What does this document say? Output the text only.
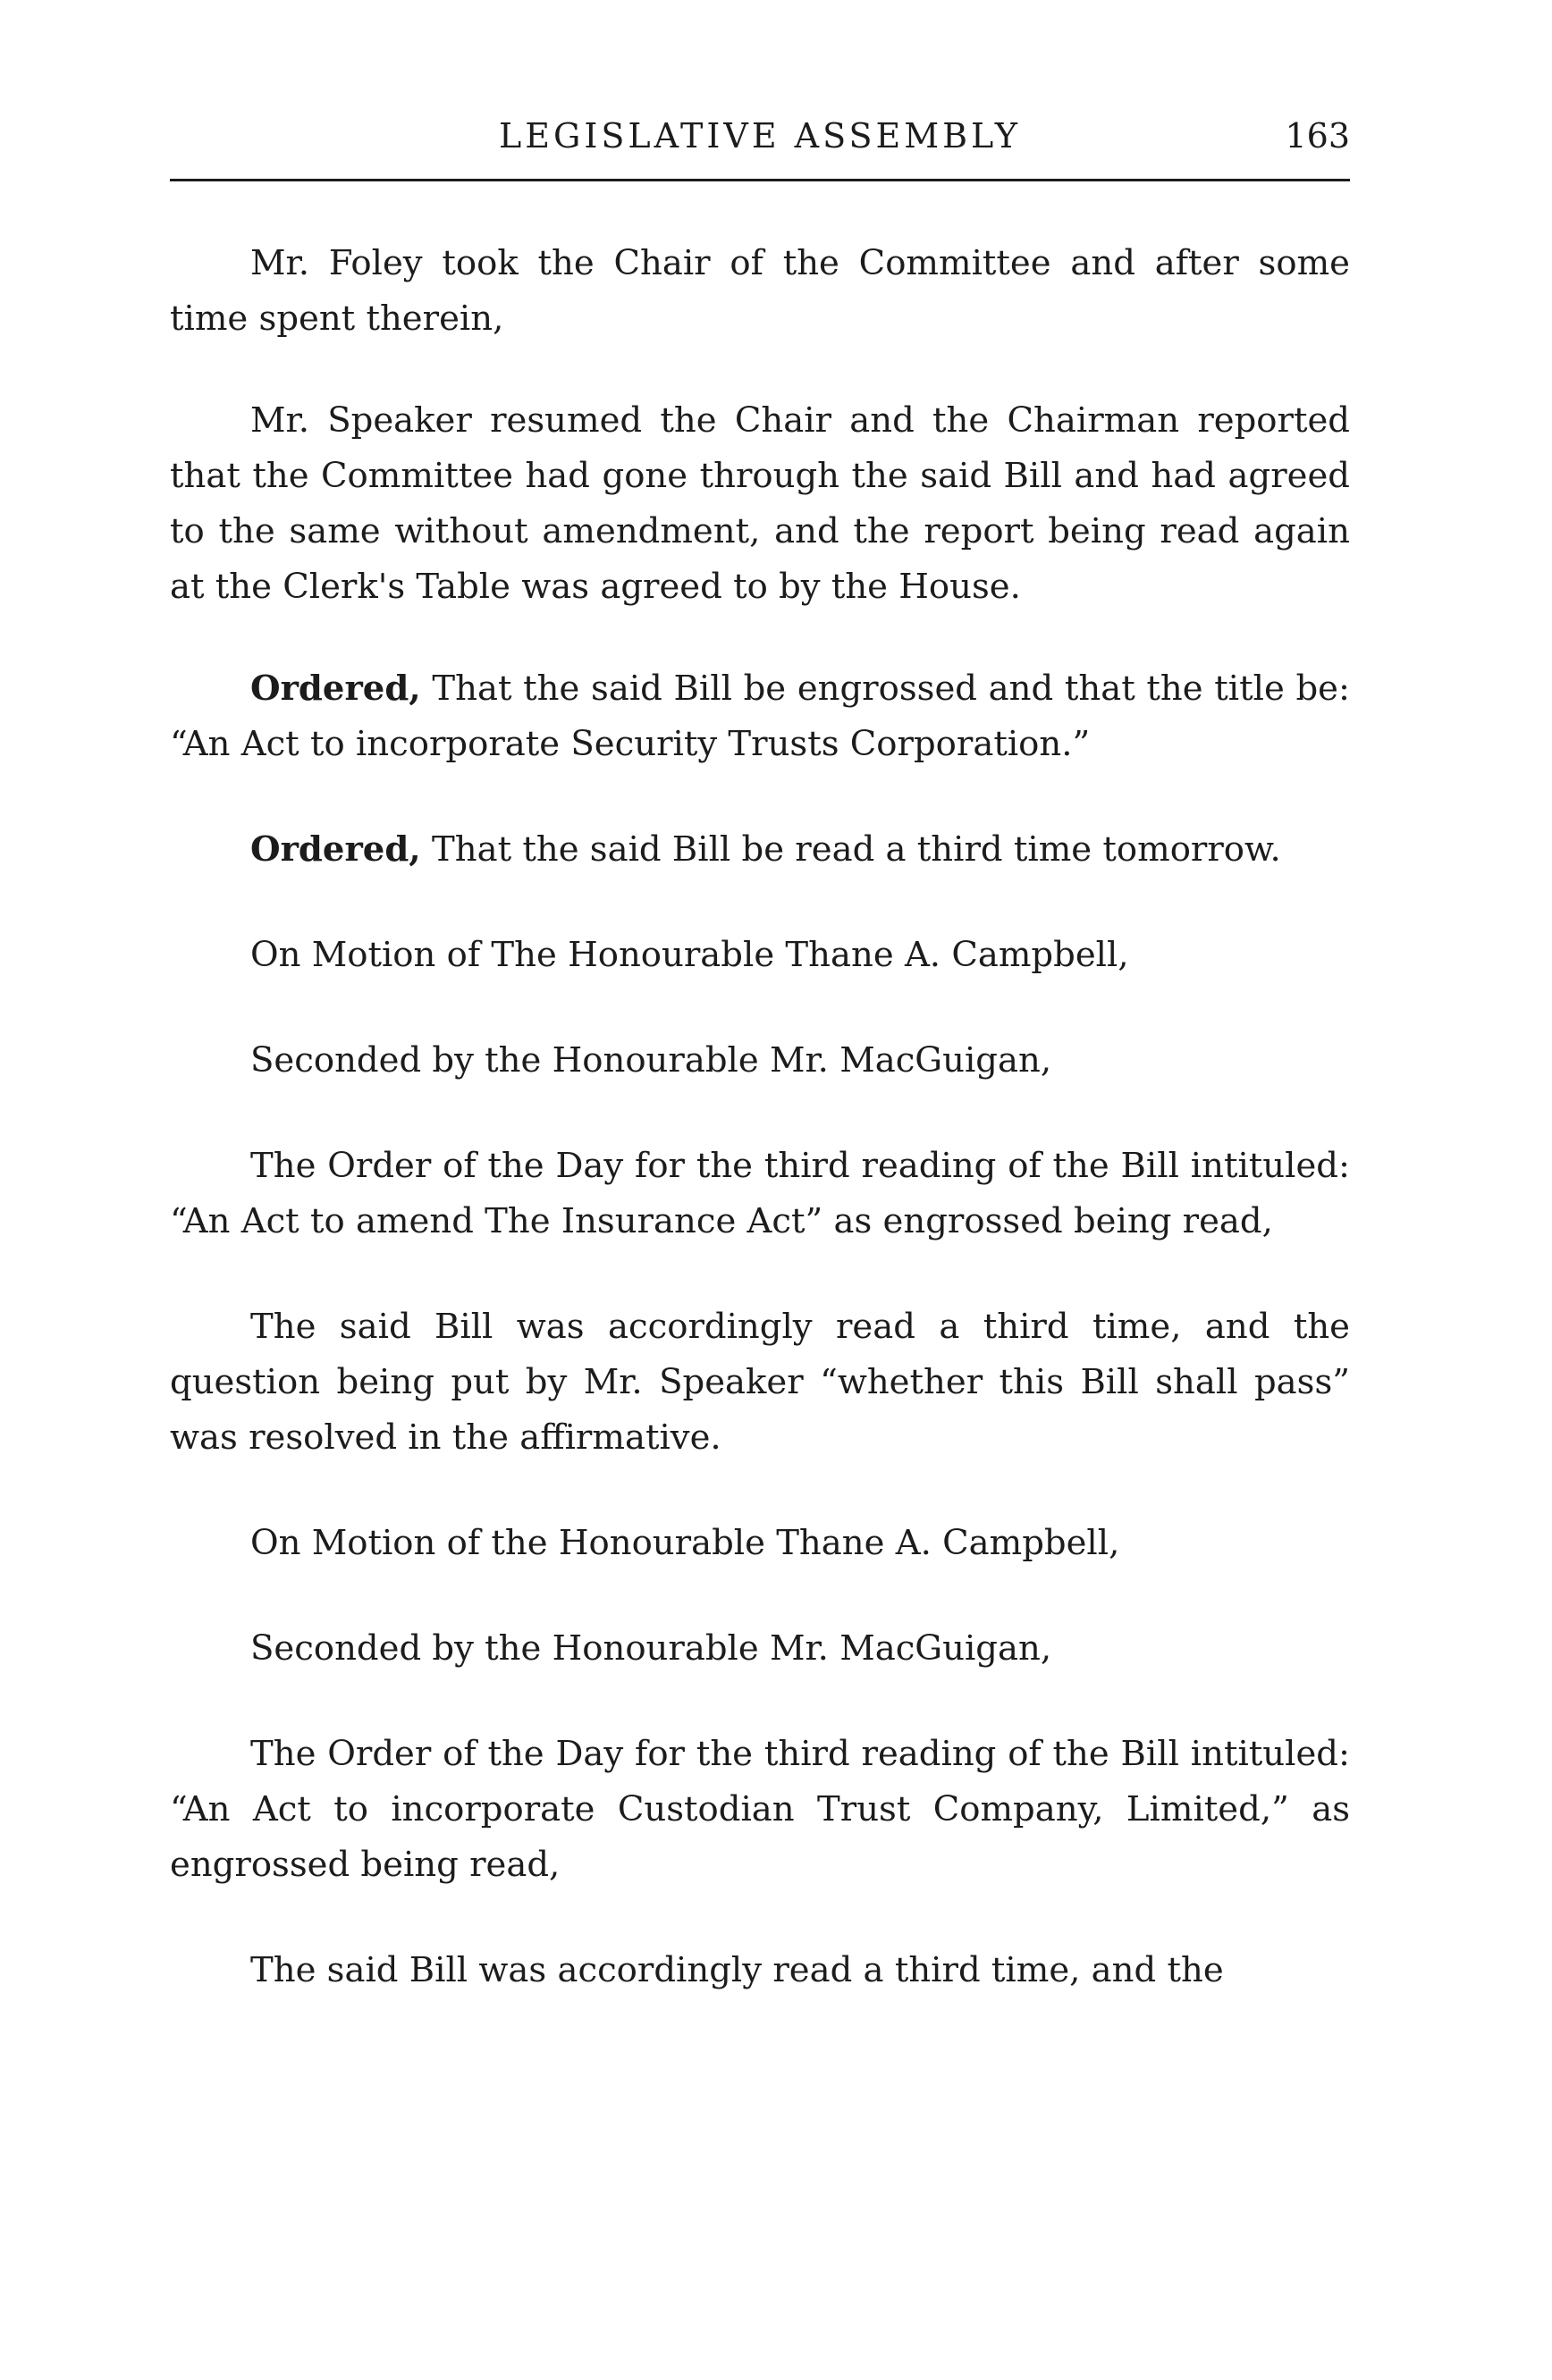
LEGISLATIVE ASSEMBLY	163

Mr. Foley took the Chair of the Committee and after some time spent therein,

Mr. Speaker resumed the Chair and the Chairman reported that the Committee had gone through the said Bill and had agreed to the same without amendment, and the report being read again at the Clerk's Table was agreed to by the House.

Ordered, That the said Bill be engrossed and that the title be: “An Act to incorporate Security Trusts Corporation.”

Ordered, That the said Bill be read a third time tomorrow.

On Motion of The Honourable Thane A. Campbell,

Seconded by the Honourable Mr. MacGuigan,

The Order of the Day for the third reading of the Bill intituled: “An Act to amend The Insurance Act” as engrossed being read,

The said Bill was accordingly read a third time, and the question being put by Mr. Speaker “whether this Bill shall pass” was resolved in the affirmative.

On Motion of the Honourable Thane A. Campbell,

Seconded by the Honourable Mr. MacGuigan,

The Order of the Day for the third reading of the Bill intituled: “An Act to incorporate Custodian Trust Company, Limited,” as engrossed being read,

The said Bill was accordingly read a third time, and the
